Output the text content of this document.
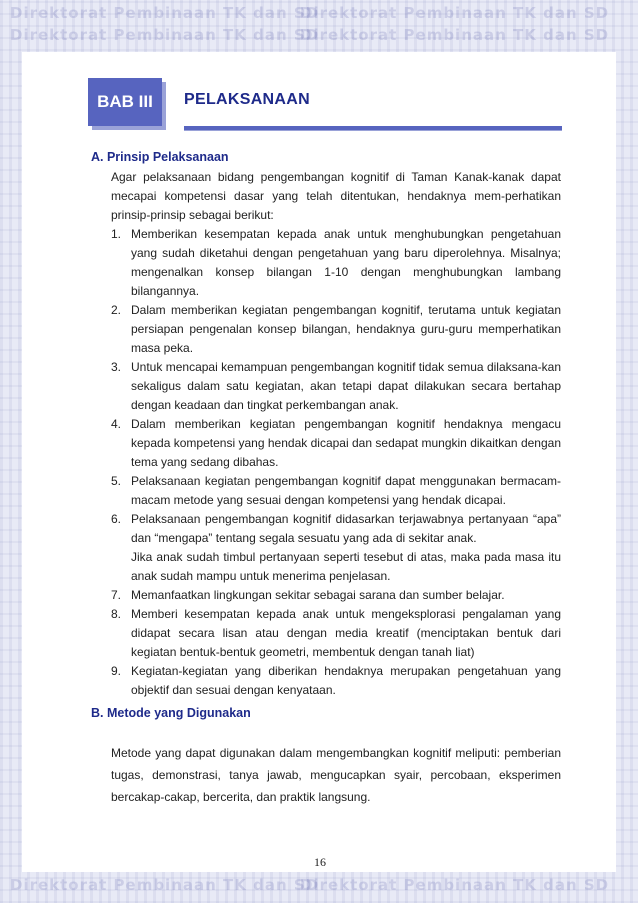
Direktorat Pembinaan TK dan SD
Direktorat Pembinaan TK dan SD
Direktorat Pembinaan TK dan SD
Direktorat Pembinaan TK dan SD
Direktorat Pembinaan TK dan SD
Direktorat Pembinaan TK dan SD
BAB III PELAKSANAAN
A. Prinsip Pelaksanaan
Agar pelaksanaan bidang pengembangan kognitif di Taman Kanak-kanak dapat mecapai kompetensi dasar yang telah ditentukan, hendaknya mem-perhatikan prinsip-prinsip sebagai berikut:
1. Memberikan kesempatan kepada anak untuk menghubungkan pengetahuan yang sudah diketahui dengan pengetahuan yang baru diperolehnya. Misalnya; mengenalkan konsep bilangan 1-10 dengan menghubungkan lambang bilangannya.
2. Dalam memberikan kegiatan pengembangan kognitif, terutama untuk kegiatan persiapan pengenalan konsep bilangan, hendaknya guru-guru memperhatikan masa peka.
3. Untuk mencapai kemampuan pengembangan kognitif tidak semua dilaksana-kan sekaligus dalam satu kegiatan, akan tetapi dapat dilakukan secara bertahap dengan keadaan dan tingkat perkembangan anak.
4. Dalam memberikan kegiatan pengembangan kognitif hendaknya mengacu kepada kompetensi yang hendak dicapai dan sedapat mungkin dikaitkan dengan tema yang sedang dibahas.
5. Pelaksanaan kegiatan pengembangan kognitif dapat menggunakan bermacam-macam metode yang sesuai dengan kompetensi yang hendak dicapai.
6. Pelaksanaan pengembangan kognitif didasarkan terjawabnya pertanyaan “apa” dan “mengapa” tentang segala sesuatu yang ada di sekitar anak.
Jika anak sudah timbul pertanyaan seperti tesebut di atas, maka pada masa itu anak sudah mampu untuk menerima penjelasan.
7. Memanfaatkan lingkungan sekitar sebagai sarana dan sumber belajar.
8. Memberi kesempatan kepada anak untuk mengeksplorasi pengalaman yang didapat secara lisan atau dengan media kreatif (menciptakan bentuk dari kegiatan bentuk-bentuk geometri, membentuk dengan tanah liat)
9. Kegiatan-kegiatan yang diberikan hendaknya merupakan pengetahuan yang objektif dan sesuai dengan kenyataan.
B. Metode yang Digunakan
Metode yang dapat digunakan dalam mengembangkan kognitif meliputi: pemberian tugas, demonstrasi, tanya jawab, mengucapkan syair, percobaan, eksperimen bercakap-cakap, bercerita, dan praktik langsung.
16
